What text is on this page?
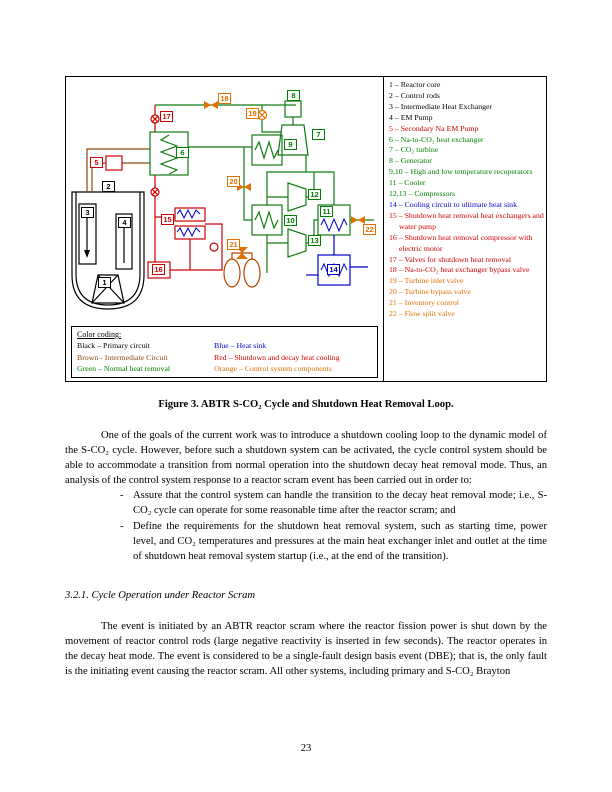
1
2
3
4
5
6
7
8
9
10
11
12
13
14
15
16
17
18
19
20
21
22
Color coding:
Black – Primary circuit
Brown - Intermediate Circuit
Green – Normal heat removal
Blue – Heat sink
Red – Shutdown and decay heat cooling
Orange – Control system components
1 – Reactor core
2 – Control rods
3 – Intermediate Heat Exchanger
4 – EM Pump
5 – Secondary Na EM Pump
6 – Na-to-CO₂ heat exchanger
7 – CO₂ turbine
8 – Generator
9,10 – High and low temperature recuperators
11 – Cooler
12,13 – Compressors
14 – Cooling circuit to ultimate heat sink
15 – Shutdown heat removal heat exchangers and water pump
16 – Shutdown heat removal compressor with electric motor
17 – Valves for shutdown heat removal
18 – Na-to-CO₂ heat exchanger bypass valve
19 – Turbine inlet valve
20 – Turbine bypass valve
21 – Inventory control
22 – Flow split valve
Figure 3. ABTR S-CO₂ Cycle and Shutdown Heat Removal Loop.

One of the goals of the current work was to introduce a shutdown cooling loop to the dynamic model of the S-CO₂ cycle. However, before such a shutdown system can be activated, the cycle control system should be able to accommodate a transition from normal operation into the shutdown decay heat removal mode. Thus, an analysis of the control system response to a reactor scram event has been carried out in order to:

- Assure that the control system can handle the transition to the decay heat removal mode; i.e., S-CO₂ cycle can operate for some reasonable time after the reactor scram; and
- Define the requirements for the shutdown heat removal system, such as starting time, power level, and CO₂ temperatures and pressures at the main heat exchanger inlet and outlet at the time of shutdown heat removal system startup (i.e., at the end of the transition).

3.2.1. Cycle Operation under Reactor Scram

The event is initiated by an ABTR reactor scram where the reactor fission power is shut down by the movement of reactor control rods (large negative reactivity is inserted in few seconds). The reactor operates in the decay heat mode. The event is considered to be a single-fault design basis event (DBE); that is, the only fault is the initiating event causing the reactor scram. All other systems, including primary and S-CO₂ Brayton

23
